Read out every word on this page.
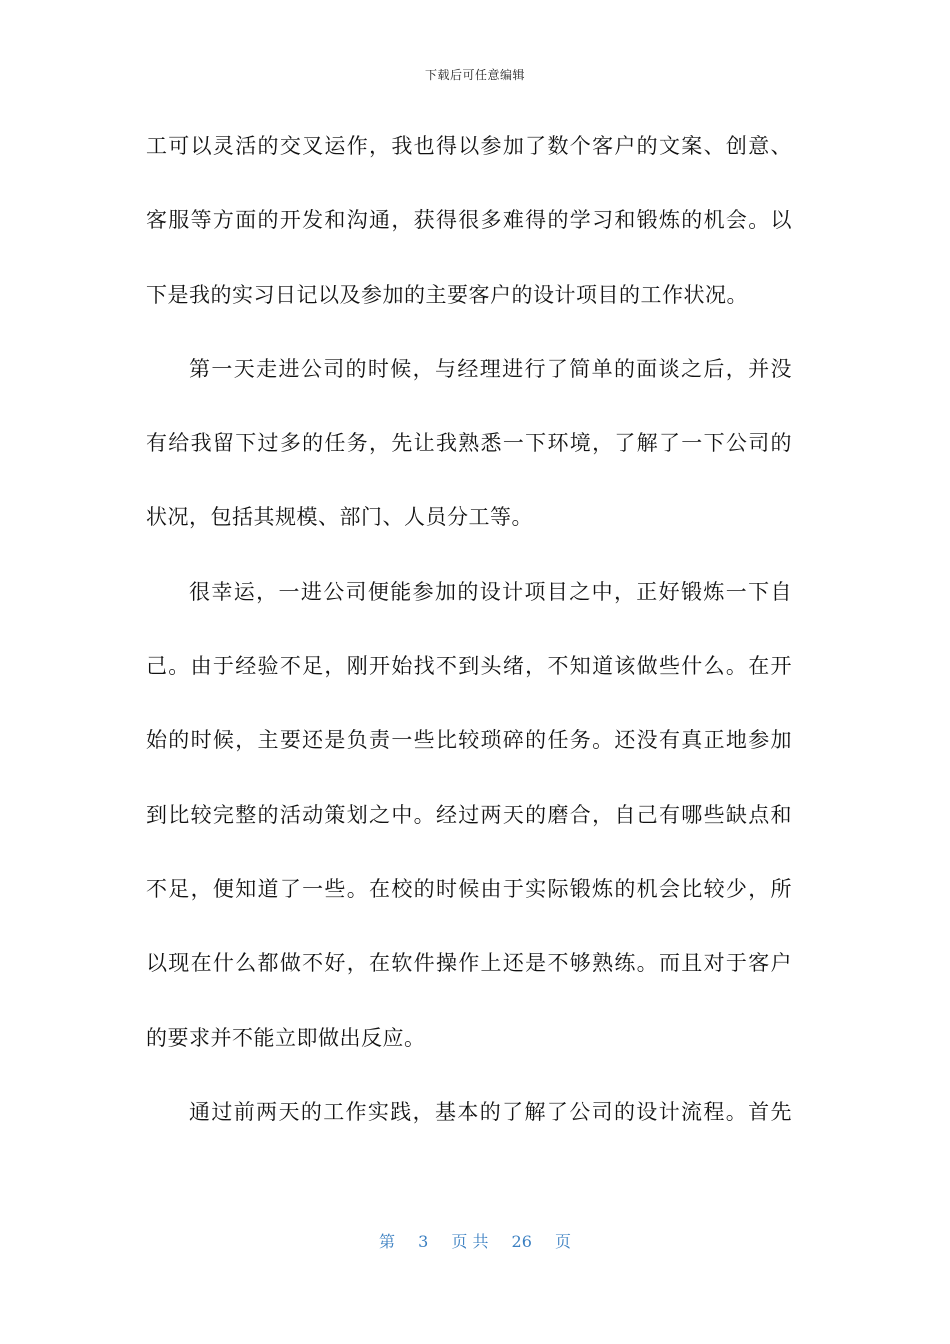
下载后可任意编辑
工可以灵活的交叉运作，我也得以参加了数个客户的文案、创意、
客服等方面的开发和沟通，获得很多难得的学习和锻炼的机会。以
下是我的实习日记以及参加的主要客户的设计项目的工作状况。
第一天走进公司的时候，与经理进行了简单的面谈之后，并没
有给我留下过多的任务，先让我熟悉一下环境，了解了一下公司的
状况，包括其规模、部门、人员分工等。
很幸运，一进公司便能参加的设计项目之中，正好锻炼一下自
己。由于经验不足，刚开始找不到头绪，不知道该做些什么。在开
始的时候，主要还是负责一些比较琐碎的任务。还没有真正地参加
到比较完整的活动策划之中。经过两天的磨合，自己有哪些缺点和
不足，便知道了一些。在校的时候由于实际锻炼的机会比较少，所
以现在什么都做不好，在软件操作上还是不够熟练。而且对于客户
的要求并不能立即做出反应。
通过前两天的工作实践，基本的了解了公司的设计流程。首先
第 3 页 共 26 页
